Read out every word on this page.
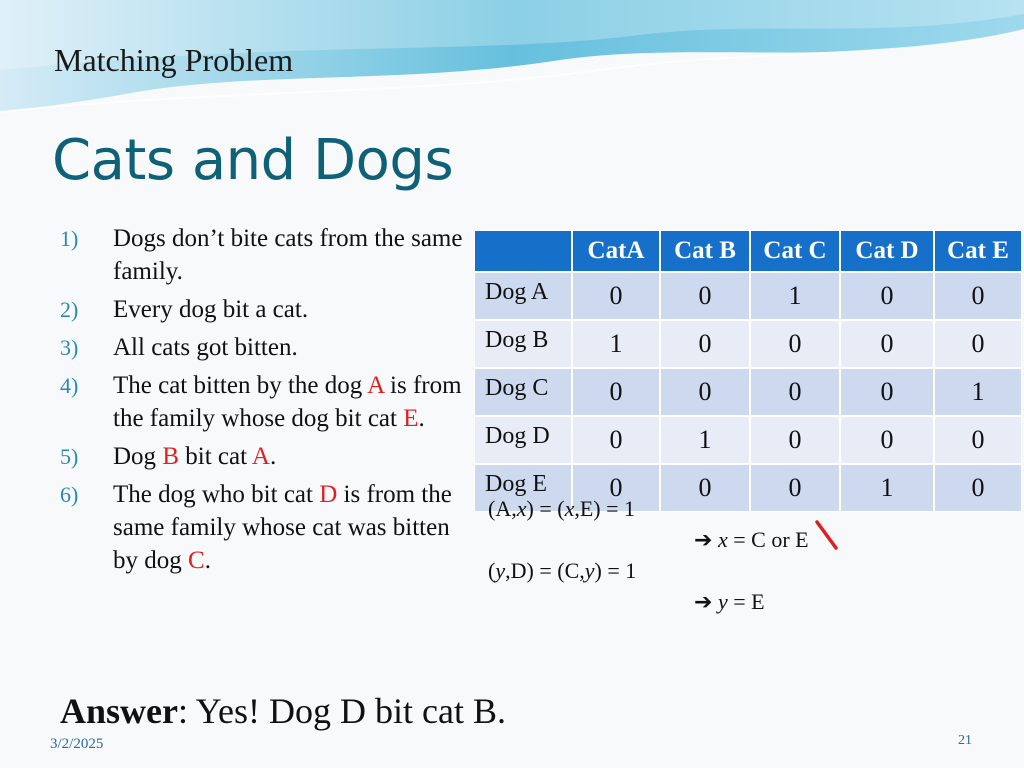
Matching Problem
Cats and Dogs
1) Dogs don’t bite cats from the same family.
2) Every dog bit a cat.
3) All cats got bitten.
4) The cat bitten by the dog A is from the family whose dog bit cat E.
5) Dog B bit cat A.
6) The dog who bit cat D is from the same family whose cat was bitten by dog C.
	CatA	Cat B	Cat C	Cat D	Cat E
Dog A	0	0	1	0	0
Dog B	1	0	0	0	0
Dog C	0	0	0	0	1
Dog D	0	1	0	0	0
Dog E	0	0	0	1	0
(A,x) = (x,E) = 1
(y,D) = (C,y) = 1
➔ x = C or E
➔ y = E
Answer: Yes! Dog D bit cat B.
3/2/2025	21
